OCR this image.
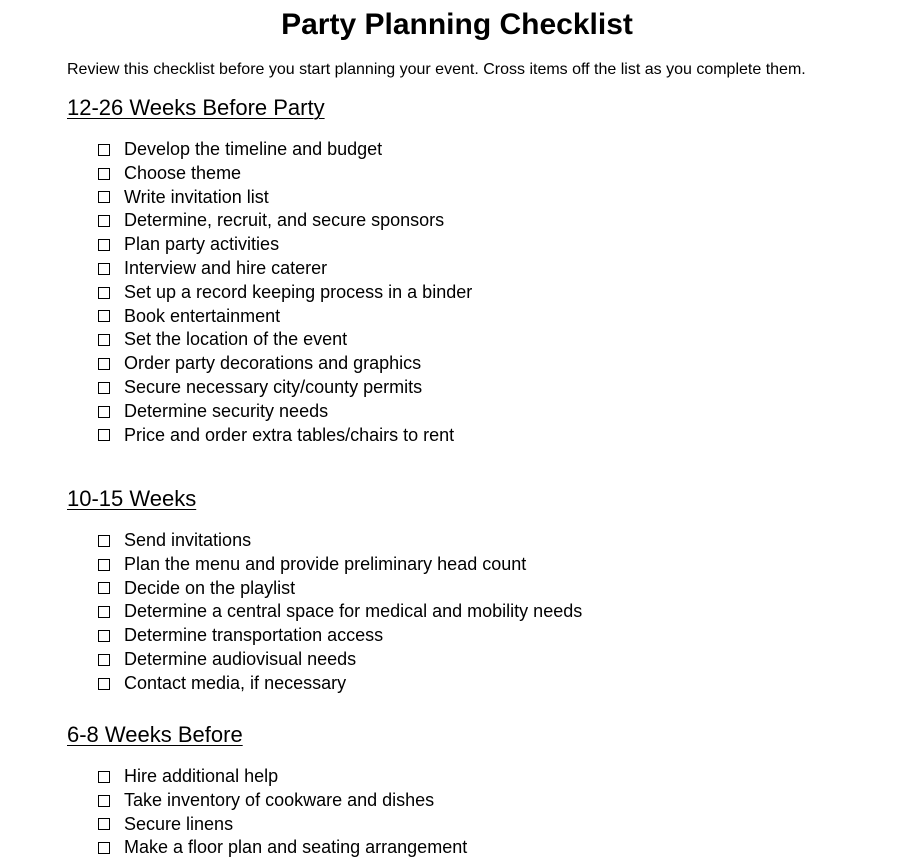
Party Planning Checklist

Review this checklist before you start planning your event. Cross items off the list as you complete them.

12-26 Weeks Before Party
Develop the timeline and budget
Choose theme
Write invitation list
Determine, recruit, and secure sponsors
Plan party activities
Interview and hire caterer
Set up a record keeping process in a binder
Book entertainment
Set the location of the event
Order party decorations and graphics
Secure necessary city/county permits
Determine security needs
Price and order extra tables/chairs to rent
10-15 Weeks
Send invitations
Plan the menu and provide preliminary head count
Decide on the playlist
Determine a central space for medical and mobility needs
Determine transportation access
Determine audiovisual needs
Contact media, if necessary
6-8 Weeks Before
Hire additional help
Take inventory of cookware and dishes
Secure linens
Make a floor plan and seating arrangement
